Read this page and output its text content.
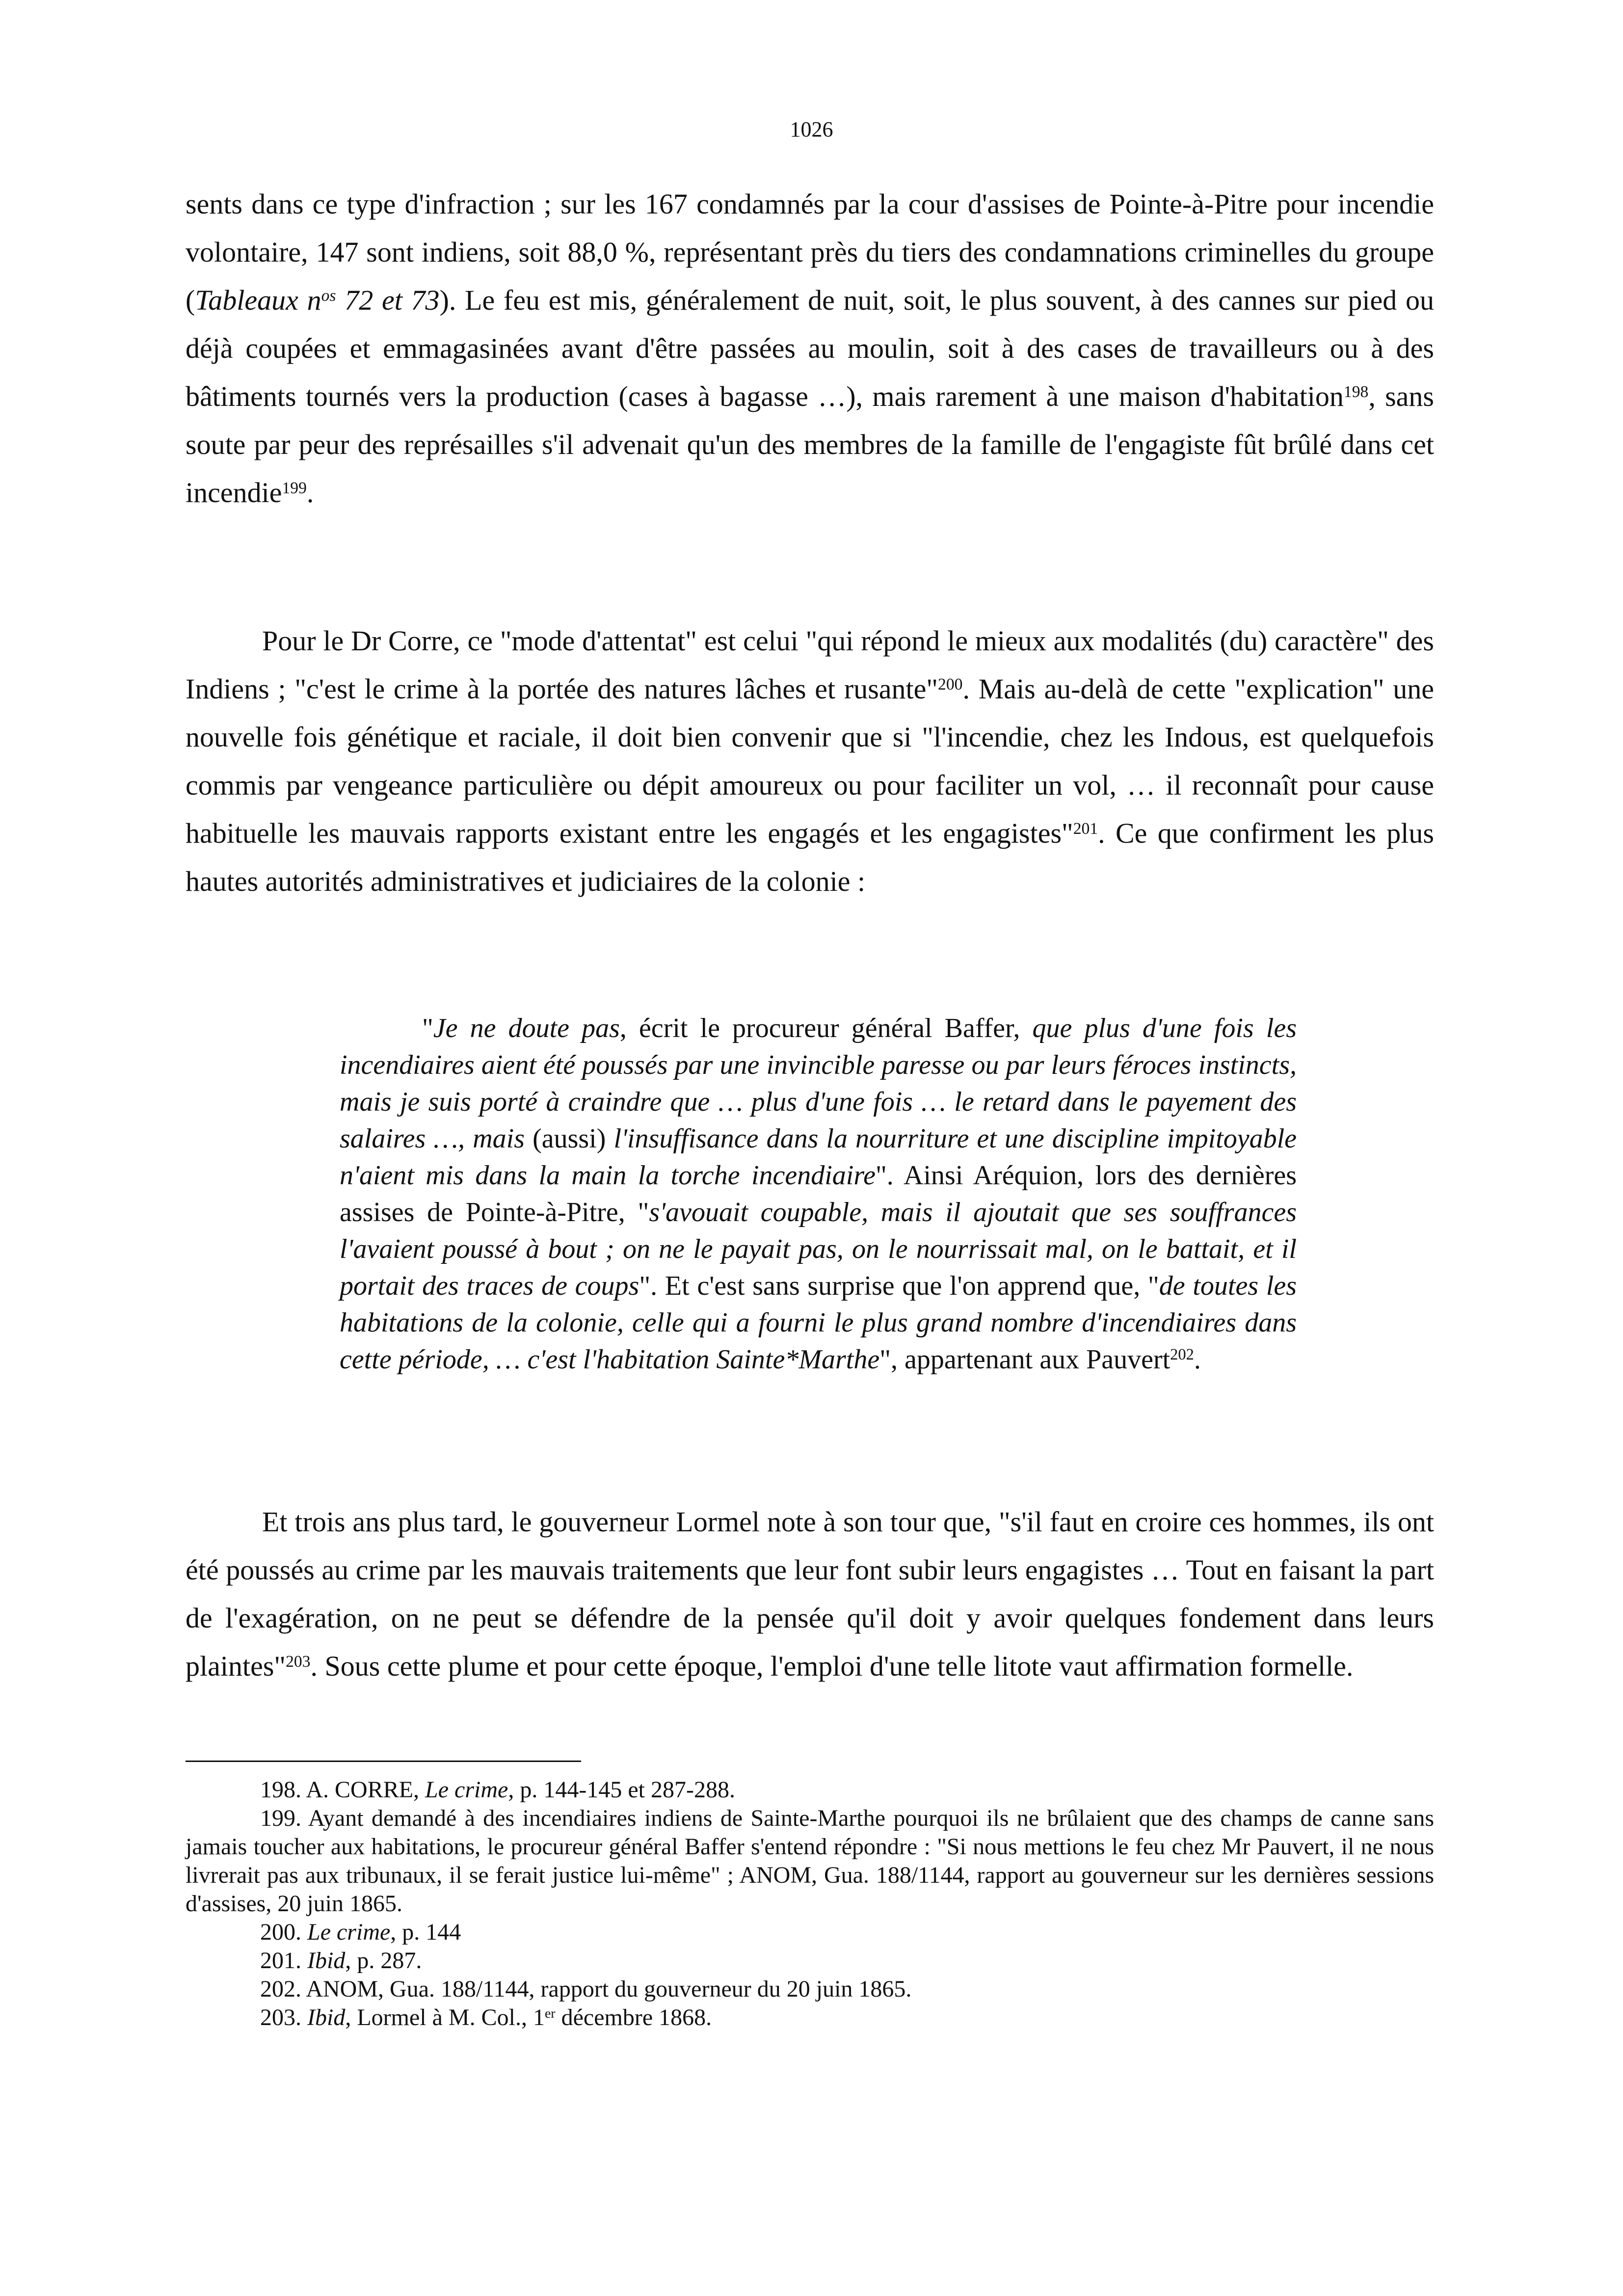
1026

sents dans ce type d'infraction ; sur les 167 condamnés par la cour d'assises de Pointe-à-Pitre pour incendie volontaire, 147 sont indiens, soit 88,0 %, représentant près du tiers des condamnations criminelles du groupe (Tableaux $n^{os}$ 72 et 73). Le feu est mis, généralement de nuit, soit, le plus souvent, à des cannes sur pied ou déjà coupées et emmagasinées avant d'être passées au moulin, soit à des cases de travailleurs ou à des bâtiments tournés vers la production (cases à bagasse …), mais rarement à une maison d'habitation$^{198}$, sans soute par peur des représailles s'il advenait qu'un des membres de la famille de l'engagiste fût brûlé dans cet incendie$^{199}$.

Pour le Dr Corre, ce "mode d'attentat" est celui "qui répond le mieux aux modalités (du) caractère" des Indiens ; "c'est le crime à la portée des natures lâches et rusante"$^{200}$. Mais au-delà de cette "explication" une nouvelle fois génétique et raciale, il doit bien convenir que si "l'incendie, chez les Indous, est quelquefois commis par vengeance particulière ou dépit amoureux ou pour faciliter un vol, … il reconnaît pour cause habituelle les mauvais rapports existant entre les engagés et les engagistes"$^{201}$. Ce que confirment les plus hautes autorités administratives et judiciaires de la colonie :

"Je ne doute pas, écrit le procureur général Baffer, que plus d'une fois les incendiaires aient été poussés par une invincible paresse ou par leurs féroces instincts, mais je suis porté à craindre que … plus d'une fois … le retard dans le payement des salaires …, mais (aussi) l'insuffisance dans la nourriture et une discipline impitoyable n'aient mis dans la main la torche incendiaire". Ainsi Aréquion, lors des dernières assises de Pointe-à-Pitre, "s'avouait coupable, mais il ajoutait que ses souffrances l'avaient poussé à bout ; on ne le payait pas, on le nourrissait mal, on le battait, et il portait des traces de coups". Et c'est sans surprise que l'on apprend que, "de toutes les habitations de la colonie, celle qui a fourni le plus grand nombre d'incendiaires dans cette période, … c'est l'habitation Sainte*Marthe", appartenant aux Pauvert$^{202}$.

Et trois ans plus tard, le gouverneur Lormel note à son tour que, "s'il faut en croire ces hommes, ils ont été poussés au crime par les mauvais traitements que leur font subir leurs engagistes … Tout en faisant la part de l'exagération, on ne peut se défendre de la pensée qu'il doit y avoir quelques fondement dans leurs plaintes"$^{203}$. Sous cette plume et pour cette époque, l'emploi d'une telle litote vaut affirmation formelle.

198. A. CORRE, Le crime, p. 144-145 et 287-288.

199. Ayant demandé à des incendiaires indiens de Sainte-Marthe pourquoi ils ne brûlaient que des champs de canne sans jamais toucher aux habitations, le procureur général Baffer s'entend répondre : "Si nous mettions le feu chez Mr Pauvert, il ne nous livrerait pas aux tribunaux, il se ferait justice lui-même" ; ANOM, Gua. 188/1144, rapport au gouverneur sur les dernières sessions d'assises, 20 juin 1865.

200. Le crime, p. 144

201. Ibid, p. 287.

202. ANOM, Gua. 188/1144, rapport du gouverneur du 20 juin 1865.

203. Ibid, Lormel à M. Col., 1er décembre 1868.
